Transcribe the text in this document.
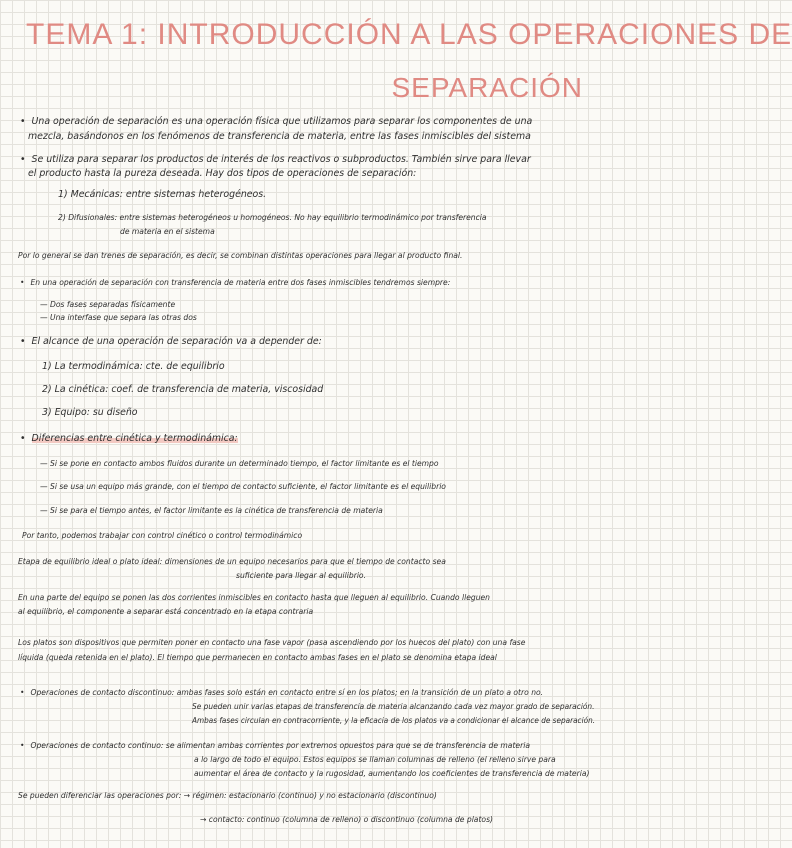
TEMA 1: INTRODUCCIÓN A LAS OPERACIONES DE
SEPARACIÓN
• Una operación de separación es una operación física que utilizamos para separar los componentes de una
mezcla, basándonos en los fenómenos de transferencia de materia, entre las fases inmiscibles del sistema
• Se utiliza para separar los productos de interés de los reactivos o subproductos. También sirve para llevar
el producto hasta la pureza deseada. Hay dos tipos de operaciones de separación:
1) Mecánicas: entre sistemas heterogéneos.
2) Difusionales: entre sistemas heterogéneos u homogéneos. No hay equilibrio termodinámico por transferencia
de materia en el sistema
Por lo general se dan trenes de separación, es decir, se combinan distintas operaciones para llegar al producto final.
• En una operación de separación con transferencia de materia entre dos fases inmiscibles tendremos siempre:
— Dos fases separadas físicamente
— Una interfase que separa las otras dos
• El alcance de una operación de separación va a depender de:
1) La termodinámica: cte. de equilibrio
2) La cinética: coef. de transferencia de materia, viscosidad
3) Equipo: su diseño
• Diferencias entre cinética y termodinámica:
— Si se pone en contacto ambos fluidos durante un determinado tiempo, el factor limitante es el tiempo
— Si se usa un equipo más grande, con el tiempo de contacto suficiente, el factor limitante es el equilibrio
— Si se para el tiempo antes, el factor limitante es la cinética de transferencia de materia
Por tanto, podemos trabajar con control cinético o control termodinámico
Etapa de equilibrio ideal o plato ideal: dimensiones de un equipo necesarios para que el tiempo de contacto sea
suficiente para llegar al equilibrio.
En una parte del equipo se ponen las dos corrientes inmiscibles en contacto hasta que lleguen al equilibrio. Cuando lleguen
al equilibrio, el componente a separar está concentrado en la etapa contraria
Los platos son dispositivos que permiten poner en contacto una fase vapor (pasa ascendiendo por los huecos del plato) con una fase
líquida (queda retenida en el plato). El tiempo que permanecen en contacto ambas fases en el plato se denomina etapa ideal
• Operaciones de contacto discontinuo: ambas fases solo están en contacto entre sí en los platos; en la transición de un plato a otro no.
Se pueden unir varias etapas de transferencia de materia alcanzando cada vez mayor grado de separación.
Ambas fases circulan en contracorriente, y la eficacia de los platos va a condicionar el alcance de separación.
• Operaciones de contacto continuo: se alimentan ambas corrientes por extremos opuestos para que se de transferencia de materia
a lo largo de todo el equipo. Estos equipos se llaman columnas de relleno (el relleno sirve para
aumentar el área de contacto y la rugosidad, aumentando los coeficientes de transferencia de materia)
Se pueden diferenciar las operaciones por: → régimen: estacionario (continuo) y no estacionario (discontinuo)
→ contacto: continuo (columna de relleno) o discontinuo (columna de platos)
